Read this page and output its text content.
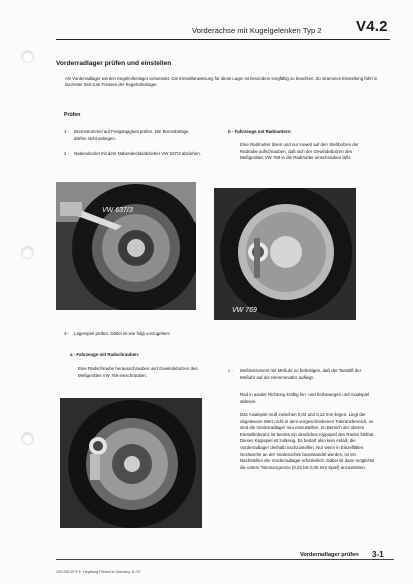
Vorderachse mit Kugelgelenken Typ 2 V4.2
Vorderradlager prüfen und einstellen
Als Vorderradlager werden Kegelrollenlager verwendet. Die Einstellanweisung für diese Lager ist besonders sorgfältig zu beachten. Zu strammes Einstellung führt in kürzester Zeit zum Fressen der Kegelrollenlager.
Prüfen
1 - Bremstrommel auf Freigängigkeit prüfen. Die Bremsbelage dürfen nicht anliegen.
2 - Nabendeckel mit dem Nabendeckelabzieher VW 637/3 abziehen.
b - Fahrzeuge mit Radmuttern:
Eine Radmutter lösen und nur soweit auf den Stehbolzen der Radnabe aufschrauben, daß sich der Gewindebolzen des Meßgerätes VW 769 in die Radmutter einschrauben läßt.
VW 637/3
VW 769
3 - Lagerspiel prüfen. Dabei ist wie folgt vorzugehen:
a - Fahrzeuge mit Radschrauben:
Eine Radschraube herausschrauben und Gewindebolzen des Meßgerätes VW 769 einschrauben.
c - Meßinstrument mit Meßuhr so befestigen, daß der Taststift der Meßuhr auf der Klemmmutter aufliegt.
Rad in axialer Richtung kräftig hin- und herbewegen und Axialspiel ablesen.
Das Axialspiel muß zwischen 0,03 und 0,12 mm liegen. Liegt der abgelesene Wert nicht in dem vorgeschriebenen Toleranzbereich, so sind die Vorderradlager neu einzustellen. Im Bereich der oberen Einstelltoleranz ist bereits ein deutliches Kippspiel des Rades fühlbar. Dieses Kippspiel ist zulässig. Es bedarf also kein Anlaß, die Vorderradlager deshalb nachzustellen. Nur wenn in Einzelfällen Geräusche an der Vorderachse beanstandet werden, ist ein Nachstellen der Vorderradlager erforderlich. Dabei ist dann möglichst die untere Toleranzgrenze (0,03 bis 0,06 mm Spiel) anzustreben.
Vorderradlager prüfen 3-1
109.205.00 ® E. Heydlang Printed in Germany 11.70
